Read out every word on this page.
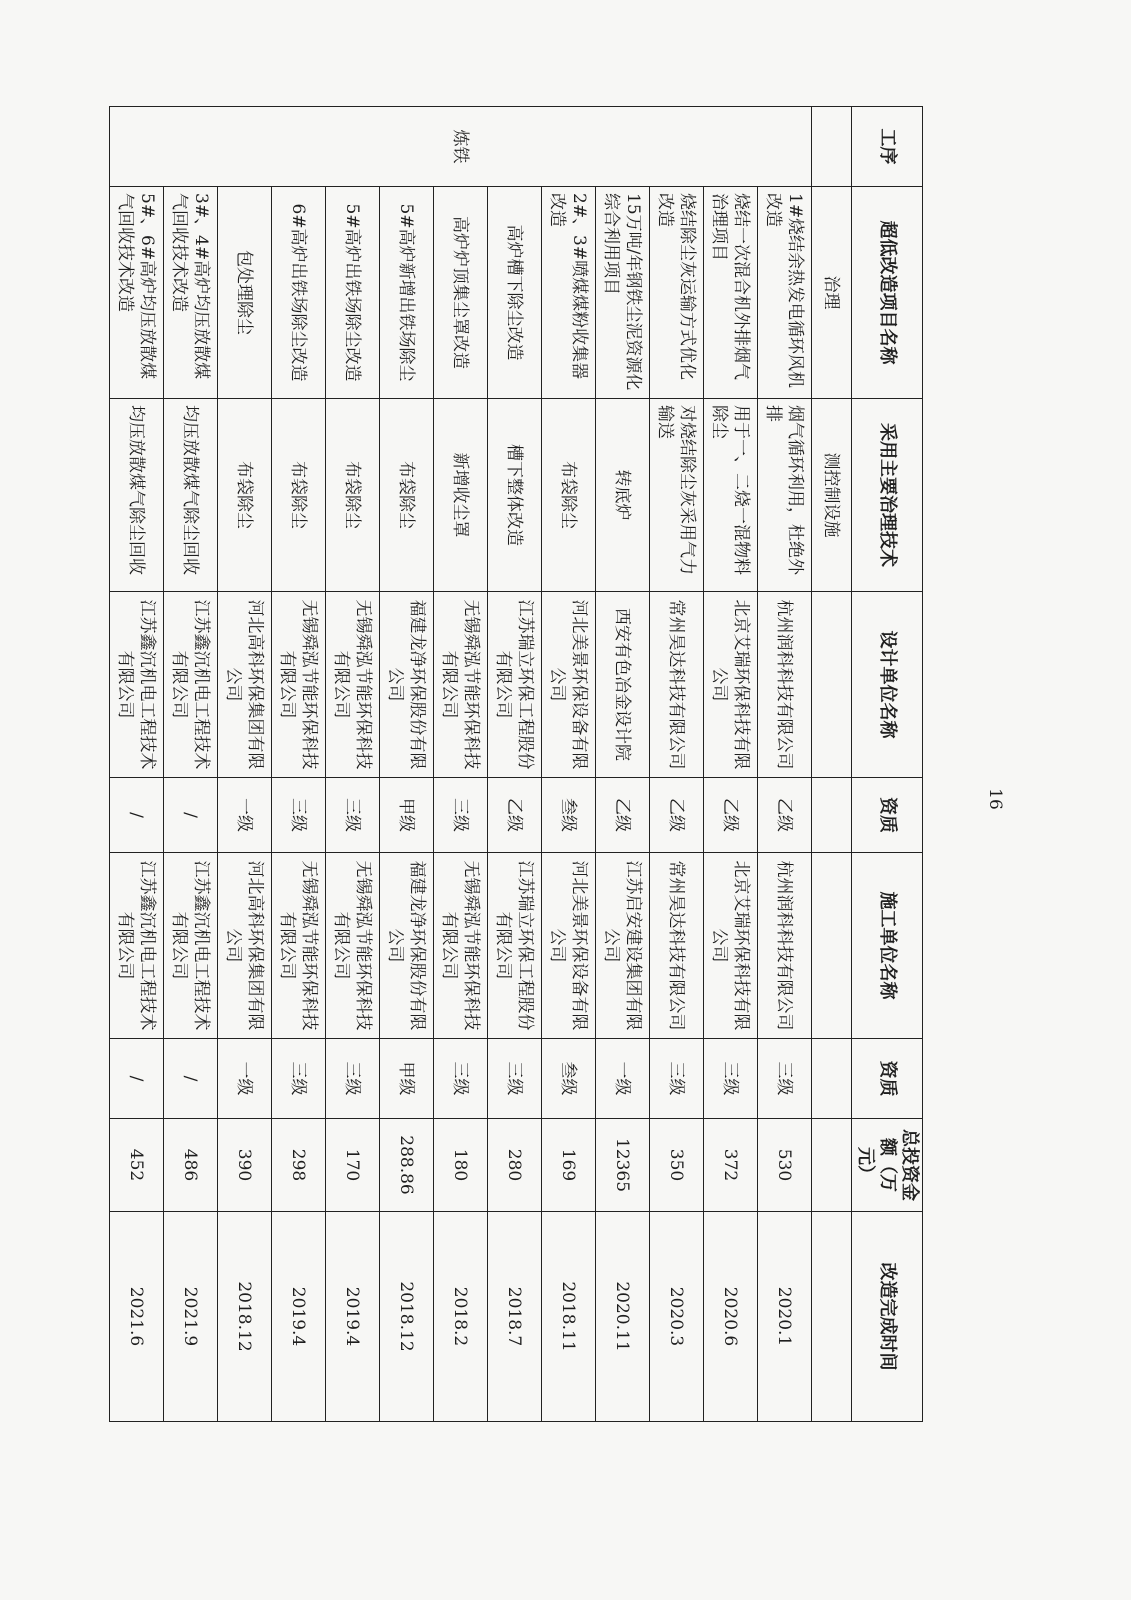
工序	超低改造项目名称	采用主要治理技术	设计单位名称	资质	施工单位名称	资质	总投资金额（万元）	改造完成时间
	治理	测控制设施						
炼铁	1#烧结余热发电循环风机改造	烟气循环利用，杜绝外排	杭州润科科技有限公司	乙级	杭州润科科技有限公司	三级	530	2020.1
	烧结一次混合机外排烟气治理项目	用于一、二烧一混物料除尘	北京艾瑞环保科技有限公司	乙级	北京艾瑞环保科技有限公司	三级	372	2020.6
	烧结除尘灰运输方式优化改造	对烧结除尘灰采用气力输送	常州昊达科技有限公司	乙级	常州昊达科技有限公司	三级	350	2020.3
	15万吨/年钢铁尘泥资源化综合利用项目	转底炉	西安有色冶金设计院	乙级	江苏启安建设集团有限公司	一级	12365	2020.11
	2#、3#喷煤煤粉收集器改造	布袋除尘	河北美景环保设备有限公司	叁级	河北美景环保设备有限公司	叁级	169	2018.11
	高炉槽下除尘改造	槽下整体改造	江苏瑞立环保工程股份有限公司	乙级	江苏瑞立环保工程股份有限公司	三级	280	2018.7
	高炉炉顶集尘罩改造	新增收尘罩	无锡舜泓节能环保科技有限公司	三级	无锡舜泓节能环保科技有限公司	三级	180	2018.2
	5#高炉新增出铁场除尘	布袋除尘	福建龙净环保股份有限公司	甲级	福建龙净环保股份有限公司	甲级	288.86	2018.12
	5#高炉出铁场除尘改造	布袋除尘	无锡舜泓节能环保科技有限公司	三级	无锡舜泓节能环保科技有限公司	三级	170	2019.4
	6#高炉出铁场除尘改造	布袋除尘	无锡舜泓节能环保科技有限公司	三级	无锡舜泓节能环保科技有限公司	三级	298	2019.4
	包处理除尘	布袋除尘	河北高科环保集团有限公司	一级	河北高科环保集团有限公司	一级	390	2018.12
	3#、4#高炉均压放散煤气回收技术改造	均压放散煤气除尘回收	江苏鑫沉机电工程技术有限公司	/	江苏鑫沉机电工程技术有限公司	/	486	2021.9
	5#、6#高炉均压放散煤气回收技术改造	均压放散煤气除尘回收	江苏鑫沉机电工程技术有限公司	/	江苏鑫沉机电工程技术有限公司	/	452	2021.6
16
